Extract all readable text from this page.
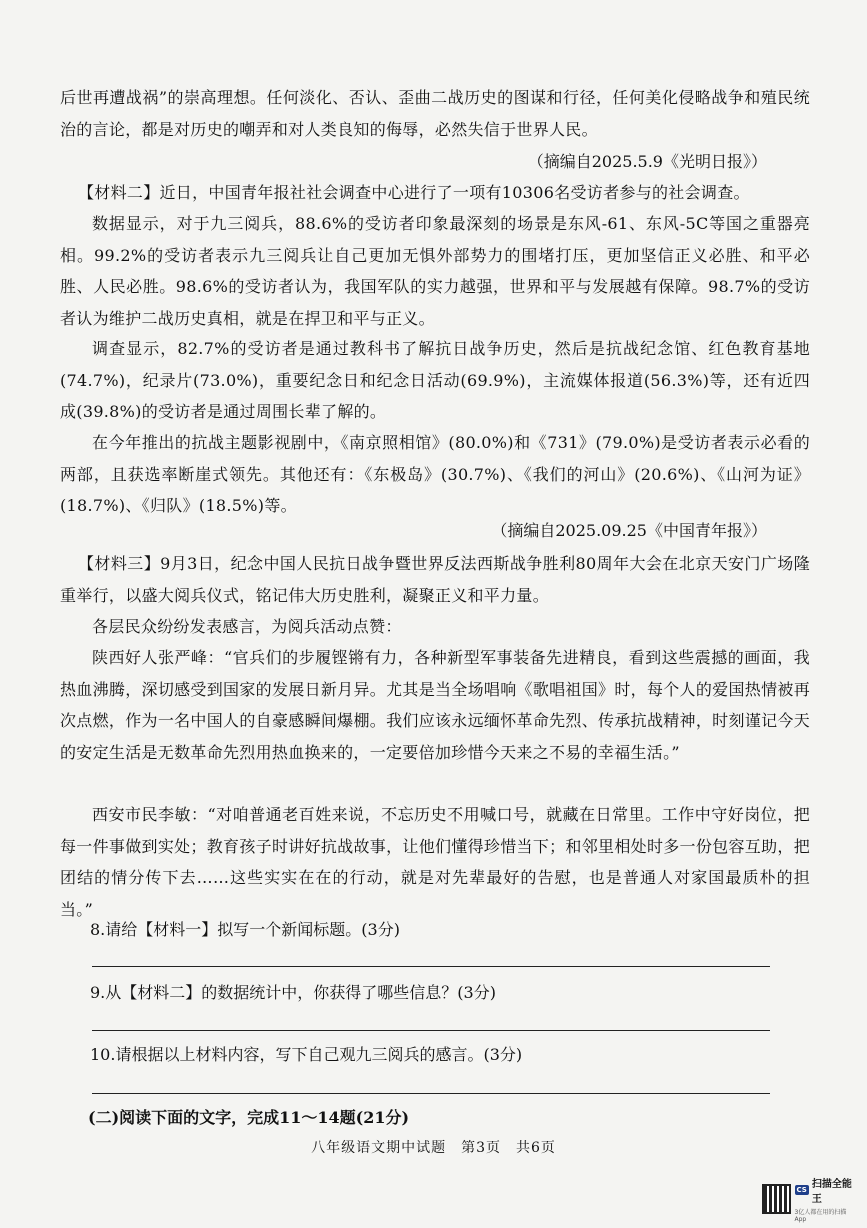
后世再遭战祸”的崇高理想。任何淡化、否认、歪曲二战历史的图谋和行径，任何美化侵略战争和殖民统治的言论，都是对历史的嘲弄和对人类良知的侮辱，必然失信于世界人民。
（摘编自2025.5.9《光明日报》）
【材料二】近日，中国青年报社社会调查中心进行了一项有10306名受访者参与的社会调查。
数据显示，对于九三阅兵，88.6%的受访者印象最深刻的场景是东风-61、东风-5C等国之重器亮相。99.2%的受访者表示九三阅兵让自己更加无惧外部势力的围堵打压，更加坚信正义必胜、和平必胜、人民必胜。98.6%的受访者认为，我国军队的实力越强，世界和平与发展越有保障。98.7%的受访者认为维护二战历史真相，就是在捍卫和平与正义。
调查显示，82.7%的受访者是通过教科书了解抗日战争历史，然后是抗战纪念馆、红色教育基地(74.7%)，纪录片(73.0%)，重要纪念日和纪念日活动(69.9%)，主流媒体报道(56.3%)等，还有近四成(39.8%)的受访者是通过周围长辈了解的。
在今年推出的抗战主题影视剧中，《南京照相馆》(80.0%)和《731》(79.0%)是受访者表示必看的两部，且获选率断崖式领先。其他还有：《东极岛》(30.7%)、《我们的河山》(20.6%)、《山河为证》(18.7%)、《归队》(18.5%)等。
（摘编自2025.09.25《中国青年报》）
【材料三】9月3日，纪念中国人民抗日战争暨世界反法西斯战争胜利80周年大会在北京天安门广场隆重举行，以盛大阅兵仪式，铭记伟大历史胜利，凝聚正义和平力量。
各层民众纷纷发表感言，为阅兵活动点赞：
陕西好人张严峰：“官兵们的步履铿锵有力，各种新型军事装备先进精良，看到这些震撼的画面，我热血沸腾，深切感受到国家的发展日新月异。尤其是当全场唱响《歌唱祖国》时，每个人的爱国热情被再次点燃，作为一名中国人的自豪感瞬间爆棚。我们应该永远缅怀革命先烈、传承抗战精神，时刻谨记今天的安定生活是无数革命先烈用热血换来的，一定要倍加珍惜今天来之不易的幸福生活。”
西安市民李敏：“对咱普通老百姓来说，不忘历史不用喊口号，就藏在日常里。工作中守好岗位，把每一件事做到实处；教育孩子时讲好抗战故事，让他们懂得珍惜当下；和邻里相处时多一份包容互助，把团结的情分传下去……这些实实在在的行动，就是对先辈最好的告慰，也是普通人对家国最质朴的担当。”
8.请给【材料一】拟写一个新闻标题。(3分)
9.从【材料二】的数据统计中，你获得了哪些信息？(3分)
10.请根据以上材料内容，写下自己观九三阅兵的感言。(3分)
(二)阅读下面的文字，完成11～14题(21分)
八年级语文期中试题　第3页　共6页
CS 扫描全能王
3亿人都在用的扫描App
